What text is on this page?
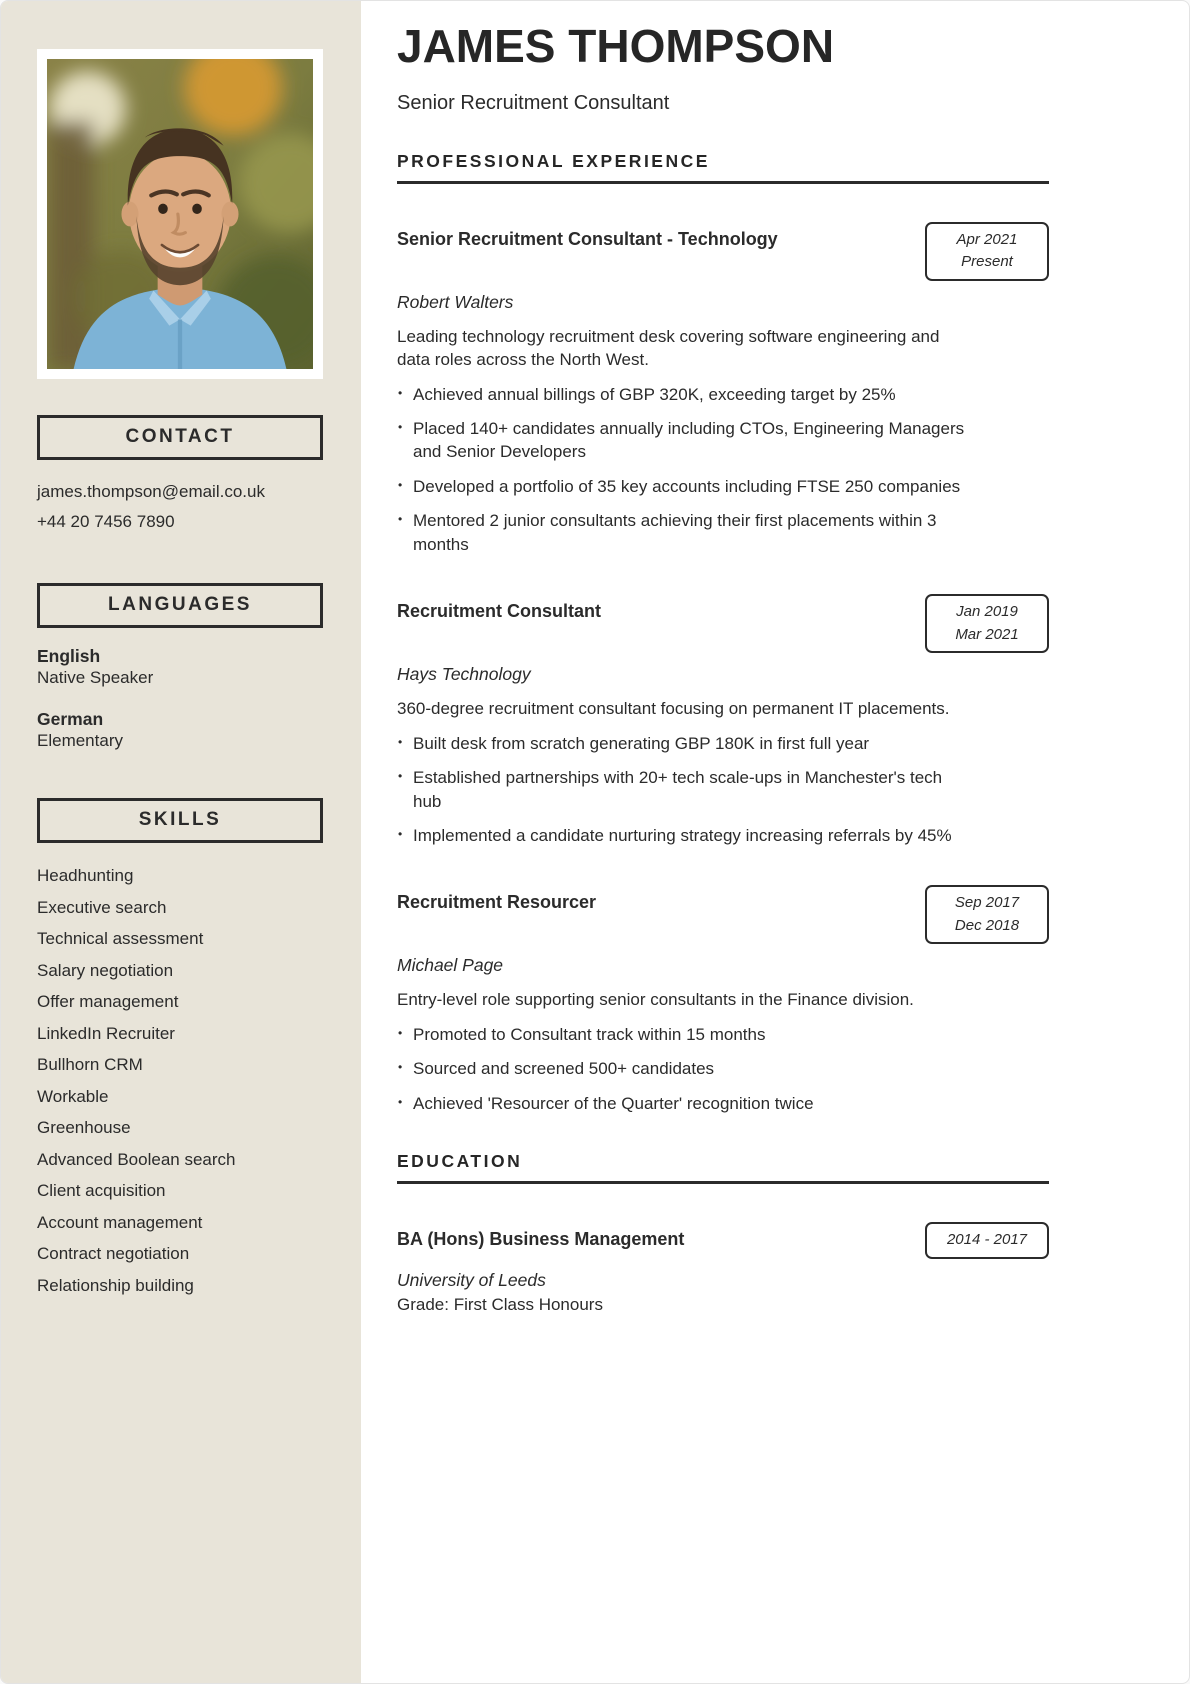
CONTACT
james.thompson@email.co.uk
+44 20 7456 7890
LANGUAGES
English
Native Speaker
German
Elementary
SKILLS
Headhunting
Executive search
Technical assessment
Salary negotiation
Offer management
LinkedIn Recruiter
Bullhorn CRM
Workable
Greenhouse
Advanced Boolean search
Client acquisition
Account management
Contract negotiation
Relationship building
JAMES THOMPSON
Senior Recruitment Consultant
PROFESSIONAL EXPERIENCE
Senior Recruitment Consultant - Technology	Apr 2021
Present
Robert Walters

Leading technology recruitment desk covering software engineering and data roles across the North West.

• Achieved annual billings of GBP 320K, exceeding target by 25%
• Placed 140+ candidates annually including CTOs, Engineering Managers and Senior Developers
• Developed a portfolio of 35 key accounts including FTSE 250 companies
• Mentored 2 junior consultants achieving their first placements within 3 months
Recruitment Consultant	Jan 2019
Mar 2021
Hays Technology

360-degree recruitment consultant focusing on permanent IT placements.

• Built desk from scratch generating GBP 180K in first full year
• Established partnerships with 20+ tech scale-ups in Manchester's tech hub
• Implemented a candidate nurturing strategy increasing referrals by 45%
Recruitment Resourcer	Sep 2017
Dec 2018
Michael Page

Entry-level role supporting senior consultants in the Finance division.

• Promoted to Consultant track within 15 months
• Sourced and screened 500+ candidates
• Achieved 'Resourcer of the Quarter' recognition twice
EDUCATION
BA (Hons) Business Management	2014 - 2017
University of Leeds
Grade: First Class Honours
